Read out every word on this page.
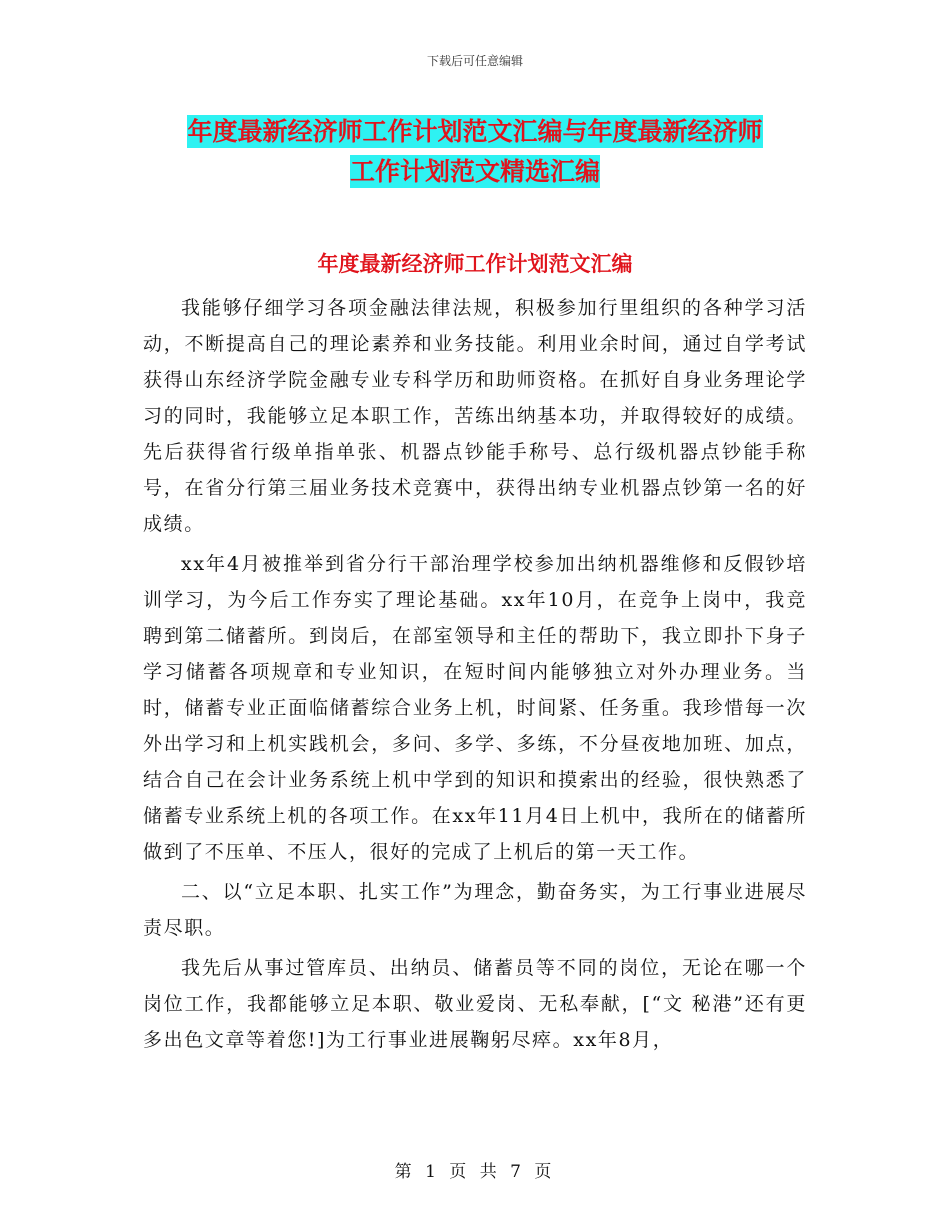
下载后可任意编辑
年度最新经济师工作计划范文汇编与年度最新经济师
工作计划范文精选汇编
年度最新经济师工作计划范文汇编

我能够仔细学习各项金融法律法规，积极参加行里组织的各种学习活动，不断提高自己的理论素养和业务技能。利用业余时间，通过自学考试获得山东经济学院金融专业专科学历和助师资格。在抓好自身业务理论学习的同时，我能够立足本职工作，苦练出纳基本功，并取得较好的成绩。先后获得省行级单指单张、机器点钞能手称号、总行级机器点钞能手称号，在省分行第三届业务技术竞赛中，获得出纳专业机器点钞第一名的好成绩。

xx年4月被推举到省分行干部治理学校参加出纳机器维修和反假钞培训学习，为今后工作夯实了理论基础。xx年10月，在竞争上岗中，我竞聘到第二储蓄所。到岗后，在部室领导和主任的帮助下，我立即扑下身子学习储蓄各项规章和专业知识，在短时间内能够独立对外办理业务。当时，储蓄专业正面临储蓄综合业务上机，时间紧、任务重。我珍惜每一次外出学习和上机实践机会，多问、多学、多练，不分昼夜地加班、加点，结合自己在会计业务系统上机中学到的知识和摸索出的经验，很快熟悉了储蓄专业系统上机的各项工作。在xx年11月4日上机中，我所在的储蓄所做到了不压单、不压人，很好的完成了上机后的第一天工作。

二、以“立足本职、扎实工作”为理念，勤奋务实，为工行事业进展尽责尽职。

我先后从事过管库员、出纳员、储蓄员等不同的岗位，无论在哪一个岗位工作，我都能够立足本职、敬业爱岗、无私奉献，[“文 秘港”还有更多出色文章等着您!]为工行事业进展鞠躬尽瘁。xx年8月，

第 1 页 共 7 页
